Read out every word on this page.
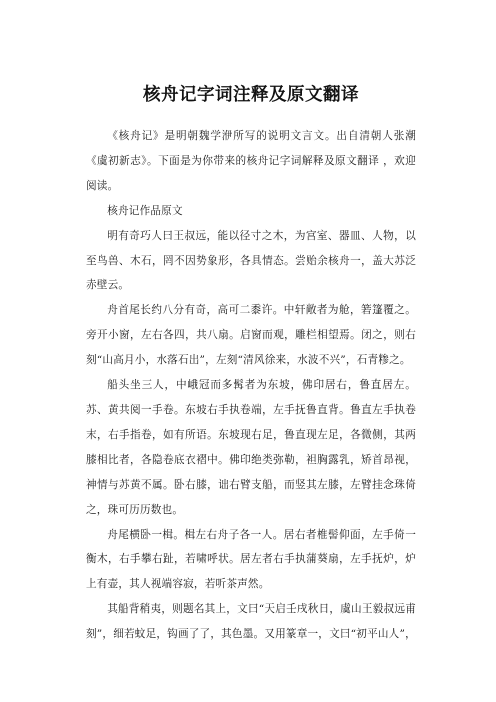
核舟记字词注释及原文翻译

《核舟记》是明朝魏学洢所写的说明文言文。出自清朝人张潮《虞初新志》。下面是为你带来的核舟记字词解释及原文翻译 ，欢迎阅读。

核舟记作品原文

明有奇巧人曰王叔远，能以径寸之木，为宫室、器皿、人物，以至鸟兽、木石，罔不因势象形，各具情态。尝贻余核舟一，盖大苏泛赤壁云。

舟首尾长约八分有奇，高可二黍许。中轩敞者为舱，箬篷覆之。旁开小窗，左右各四，共八扇。启窗而观，雕栏相望焉。闭之，则右刻“山高月小，水落石出”，左刻“清风徐来，水波不兴”，石青糁之。

船头坐三人，中峨冠而多髯者为东坡，佛印居右，鲁直居左。苏、黄共阅一手卷。东坡右手执卷端，左手抚鲁直背。鲁直左手执卷末，右手指卷，如有所语。东坡现右足，鲁直现左足，各微侧，其两膝相比者，各隐卷底衣褶中。佛印绝类弥勒，袒胸露乳，矫首昂视，神情与苏黄不属。卧右膝，诎右臂支船，而竖其左膝，左臂挂念珠倚之，珠可历历数也。

舟尾横卧一楫。楫左右舟子各一人。居右者椎髻仰面，左手倚一衡木，右手攀右趾，若啸呼状。居左者右手执蒲葵扇，左手抚炉，炉上有壶，其人视端容寂，若听茶声然。

其船背稍夷，则题名其上，文曰“天启壬戌秋日，虞山王毅叔远甫刻”，细若蚊足，钩画了了，其色墨。又用篆章一，文曰“初平山人”，
